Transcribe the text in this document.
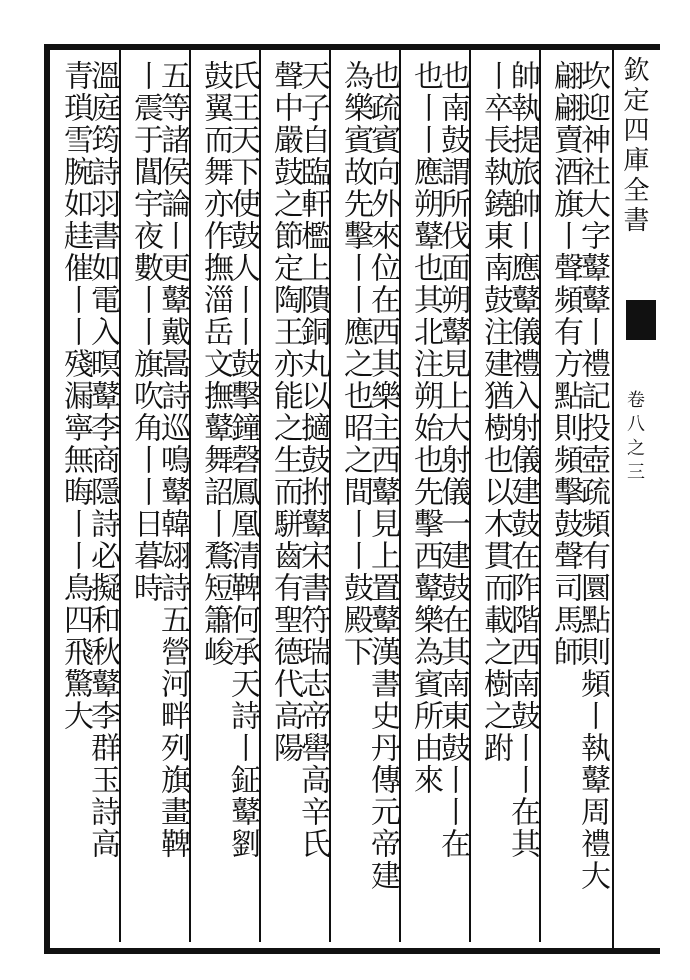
欽定四庫全書
卷八之三
坎迎神社大字鼙鼙丨禮記投壺疏頻有圜點則頻丨執鼙周禮大
翩翩賣酒旗丨聲頻有方點則頻擊鼓聲司馬師
帥執提旅帥丨應鼙儀禮入射儀建鼓在阼階西南鼓丨丨在其
丨卒長執鐃東南鼓注建猶樹也以木貫而載之樹之跗
也南鼓謂所伐面朔鼙見上大射儀一建鼓在其南東鼓丨丨在
也丨丨應朔鼙也其北注朔始也先擊西鼙樂為賓所由來
也疏賓向外來位在西其樂主西鼙見上置鼙漢書史丹傳元帝建
為樂賓故先擊丨丨應之也昭之間丨丨鼓殿下
天子自臨軒檻上隤銅丸以擿鼓拊鼙宋書符瑞志帝嚳高辛氏
聲中嚴鼓之節定陶王亦能之生而駢齒有聖德代高陽
氏王天下使鼓人丨丨鼓擊鐘磬鳳凰清鞞何承天詩丨鉦鼙劉
鼓翼而舞亦作撫湽岳文撫鼙舞詔丨鶩短簫峻
五等諸侯論丨更鼙戴暠詩巡鳴鼙韓翃詩五營河畔列旗畫鞞
丨震于閶宇夜數丨丨旗吹角丨丨日暮時
溫庭筠詩羽書如電入暝鼙李商隱詩必擬和秋鼙李群玉詩高
青瑣雪腕如䞨催丨丨殘漏寧無晦丨丨鳥四飛驚大
